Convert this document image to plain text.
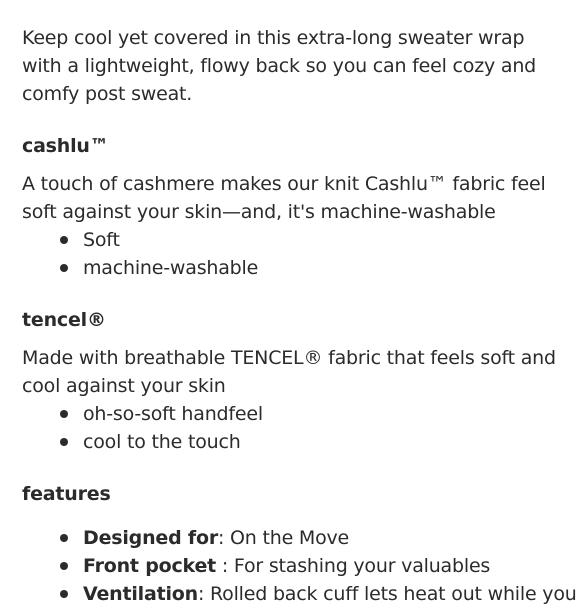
Keep cool yet covered in this extra-long sweater wrap with a lightweight, flowy back so you can feel cozy and comfy post sweat.

cashlu™

A touch of cashmere makes our knit Cashlu™ fabric feel soft against your skin—and, it's machine-washable

Soft
machine-washable
tencel®

Made with breathable TENCEL® fabric that feels soft and cool against your skin

oh-so-soft handfeel
cool to the touch
features
Designed for: On the Move
Front pocket : For stashing your valuables
Ventilation: Rolled back cuff lets heat out while you
